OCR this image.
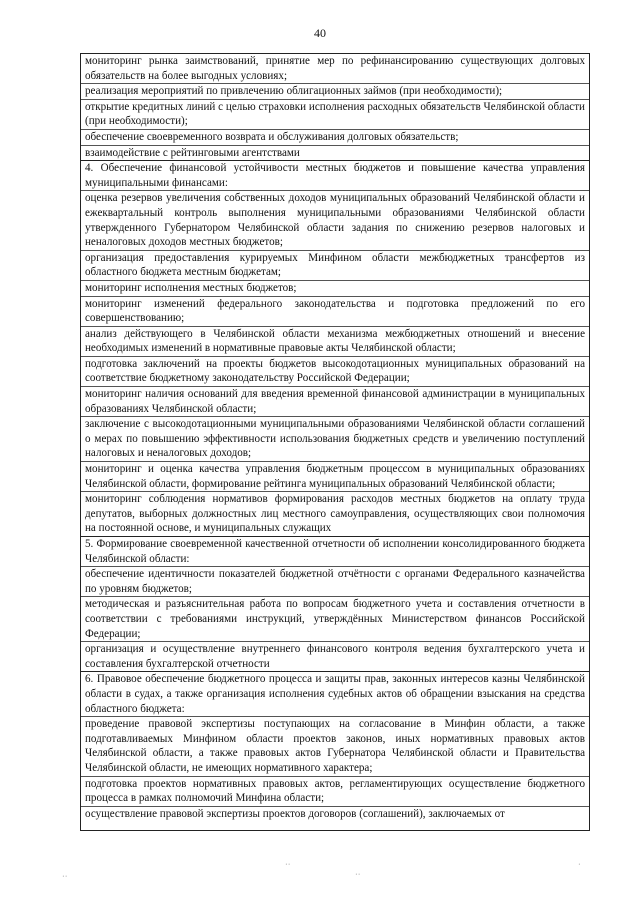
40

мониторинг рынка заимствований, принятие мер по рефинансированию существующих долговых обязательств на более выгодных условиях;

реализация мероприятий по привлечению облигационных займов (при необходимости);

открытие кредитных линий с целью страховки исполнения расходных обязательств Челябинской области (при необходимости);

обеспечение своевременного возврата и обслуживания долговых обязательств;

взаимодействие с рейтинговыми агентствами

4. Обеспечение финансовой устойчивости местных бюджетов и повышение качества управления муниципальными финансами:

оценка резервов увеличения собственных доходов муниципальных образований Челябинской области и ежеквартальный контроль выполнения муниципальными образованиями Челябинской области утвержденного Губернатором Челябинской области задания по снижению резервов налоговых и неналоговых доходов местных бюджетов;

организация предоставления курируемых Минфином области межбюджетных трансфертов из областного бюджета местным бюджетам;

мониторинг исполнения местных бюджетов;

мониторинг изменений федерального законодательства и подготовка предложений по его совершенствованию;

анализ действующего в Челябинской области механизма межбюджетных отношений и внесение необходимых изменений в нормативные правовые акты Челябинской области;

подготовка заключений на проекты бюджетов высокодотационных муниципальных образований на соответствие бюджетному законодательству Российской Федерации;

мониторинг наличия оснований для введения временной финансовой администрации в муниципальных образованиях Челябинской области;

заключение с высокодотационными муниципальными образованиями Челябинской области соглашений о мерах по повышению эффективности использования бюджетных средств и увеличению поступлений налоговых и неналоговых доходов;

мониторинг и оценка качества управления бюджетным процессом в муниципальных образованиях Челябинской области, формирование рейтинга муниципальных образований Челябинской области;

мониторинг соблюдения нормативов формирования расходов местных бюджетов на оплату труда депутатов, выборных должностных лиц местного самоуправления, осуществляющих свои полномочия на постоянной основе, и муниципальных служащих

5. Формирование своевременной качественной отчетности об исполнении консолидированного бюджета Челябинской области:

обеспечение идентичности показателей бюджетной отчётности с органами Федерального казначейства по уровням бюджетов;

методическая и разъяснительная работа по вопросам бюджетного учета и составления отчетности в соответствии с требованиями инструкций, утверждённых Министерством финансов Российской Федерации;

организация и осуществление внутреннего финансового контроля ведения бухгалтерского учета и составления бухгалтерской отчетности

6. Правовое обеспечение бюджетного процесса и защиты прав, законных интересов казны Челябинской области в судах, а также организация исполнения судебных актов об обращении взыскания на средства областного бюджета:

проведение правовой экспертизы поступающих на согласование в Минфин области, а также подготавливаемых Минфином области проектов законов, иных нормативных правовых актов Челябинской области, а также правовых актов Губернатора Челябинской области и Правительства Челябинской области, не имеющих нормативного характера;

подготовка проектов нормативных правовых актов, регламентирующих осуществление бюджетного процесса в рамках полномочий Минфина области;

осуществление правовой экспертизы проектов договоров (соглашений), заключаемых от

⋅⋅
⋅⋅
⋅⋅
⋅
